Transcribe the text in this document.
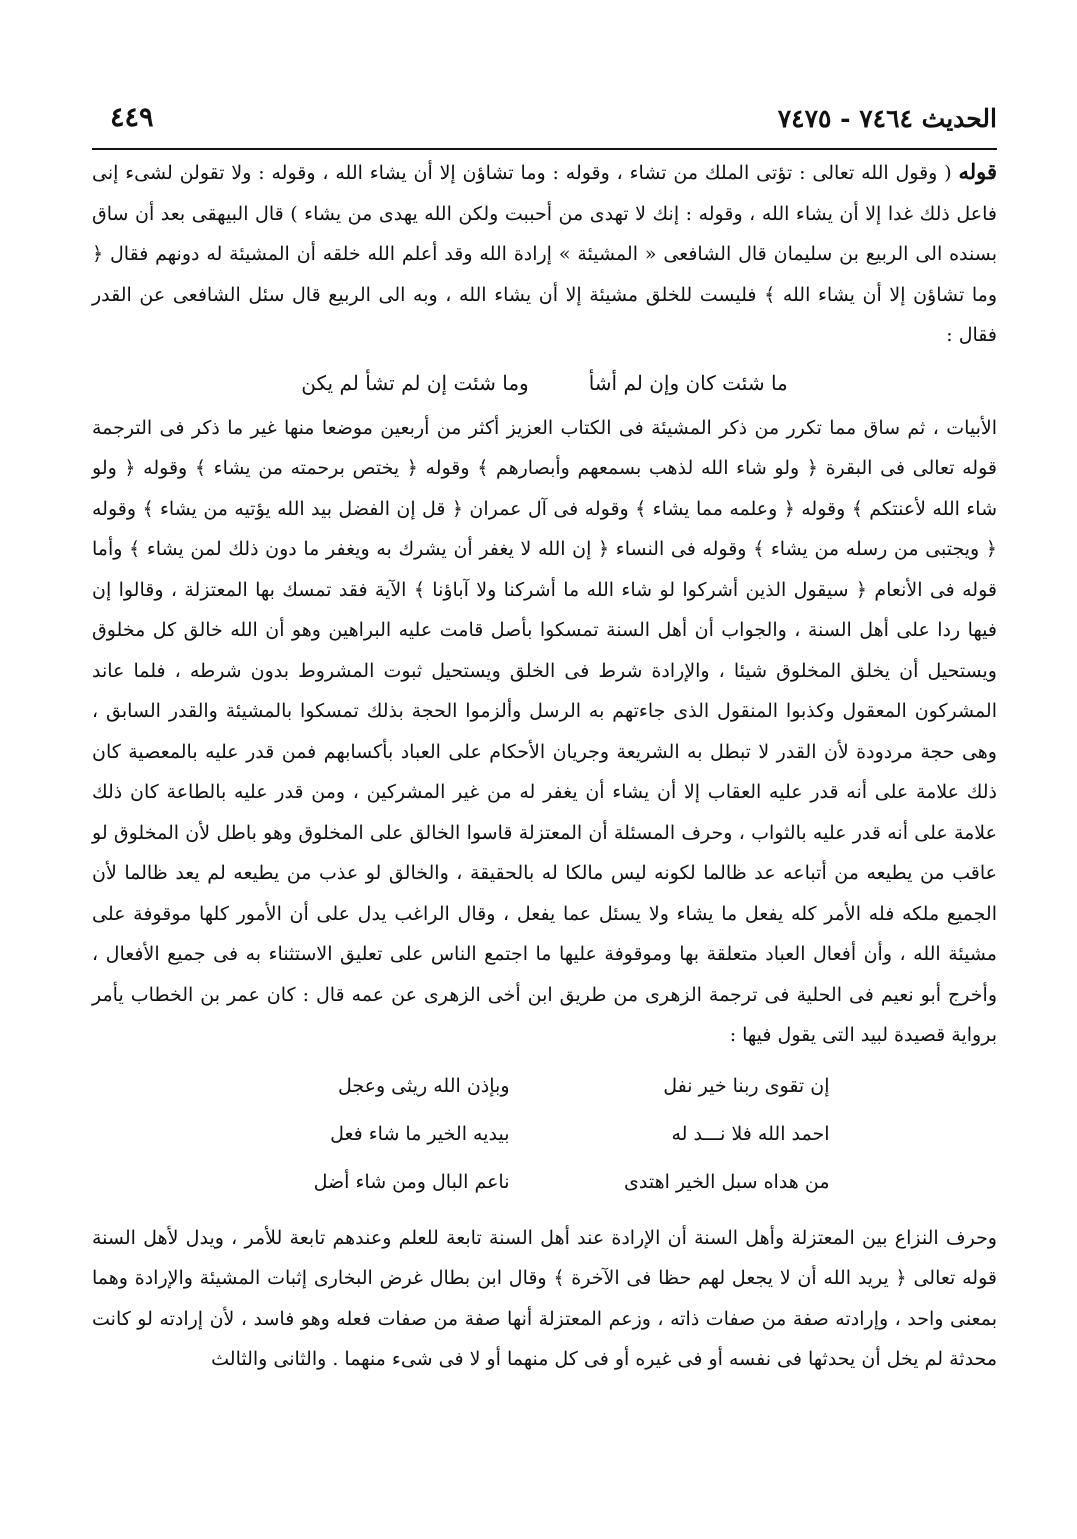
الحديث ٧٤٦٤ - ٧٤٧٥
٤٤٩

قوله ( وقول الله تعالى : تؤتى الملك من تشاء ، وقوله : وما تشاؤن إلا أن يشاء الله ، وقوله : ولا تقولن لشىء إنى فاعل ذلك غدا إلا أن يشاء الله ، وقوله : إنك لا تهدى من أحببت ولكن الله يهدى من يشاء ) قال البيهقى بعد أن ساق بسنده الى الربيع بن سليمان قال الشافعى « المشيئة » إرادة الله وقد أعلم الله خلقه أن المشيئة له دونهم فقال ﴿ وما تشاؤن إلا أن يشاء الله ﴾ فليست للخلق مشيئة إلا أن يشاء الله ، وبه الى الربيع قال سئل الشافعى عن القدر فقال :

ما شئت كان وإن لم أشأ
وما شئت إن لم تشأ لم يكن

الأبيات ، ثم ساق مما تكرر من ذكر المشيئة فى الكتاب العزيز أكثر من أربعين موضعا منها غير ما ذكر فى الترجمة قوله تعالى فى البقرة ﴿ ولو شاء الله لذهب بسمعهم وأبصارهم ﴾ وقوله ﴿ يختص برحمته من يشاء ﴾ وقوله ﴿ ولو شاء الله لأعنتكم ﴾ وقوله ﴿ وعلمه مما يشاء ﴾ وقوله فى آل عمران ﴿ قل إن الفضل بيد الله يؤتيه من يشاء ﴾ وقوله ﴿ ويجتبى من رسله من يشاء ﴾ وقوله فى النساء ﴿ إن الله لا يغفر أن يشرك به ويغفر ما دون ذلك لمن يشاء ﴾ وأما قوله فى الأنعام ﴿ سيقول الذين أشركوا لو شاء الله ما أشركنا ولا آباؤنا ﴾ الآية فقد تمسك بها المعتزلة ، وقالوا إن فيها ردا على أهل السنة ، والجواب أن أهل السنة تمسكوا بأصل قامت عليه البراهين وهو أن الله خالق كل مخلوق ويستحيل أن يخلق المخلوق شيئا ، والإرادة شرط فى الخلق ويستحيل ثبوت المشروط بدون شرطه ، فلما عاند المشركون المعقول وكذبوا المنقول الذى جاءتهم به الرسل وألزموا الحجة بذلك تمسكوا بالمشيئة والقدر السابق ، وهى حجة مردودة لأن القدر لا تبطل به الشريعة وجريان الأحكام على العباد بأكسابهم فمن قدر عليه بالمعصية كان ذلك علامة على أنه قدر عليه العقاب إلا أن يشاء أن يغفر له من غير المشركين ، ومن قدر عليه بالطاعة كان ذلك علامة على أنه قدر عليه بالثواب ، وحرف المسئلة أن المعتزلة قاسوا الخالق على المخلوق وهو باطل لأن المخلوق لو عاقب من يطيعه من أتباعه عد ظالما لكونه ليس مالكا له بالحقيقة ، والخالق لو عذب من يطيعه لم يعد ظالما لأن الجميع ملكه فله الأمر كله يفعل ما يشاء ولا يسئل عما يفعل ، وقال الراغب يدل على أن الأمور كلها موقوفة على مشيئة الله ، وأن أفعال العباد متعلقة بها وموقوفة عليها ما اجتمع الناس على تعليق الاستثناء به فى جميع الأفعال ، وأخرج أبو نعيم فى الحلية فى ترجمة الزهرى من طريق ابن أخى الزهرى عن عمه قال : كان عمر بن الخطاب يأمر برواية قصيدة لبيد التى يقول فيها :

إن تقوى ربنا خير نفل
وبإذن الله ريثى وعجل
احمد الله فلا نـــد له
بيديه الخير ما شاء فعل
من هداه سبل الخير اهتدى
ناعم البال ومن شاء أضل

وحرف النزاع بين المعتزلة وأهل السنة أن الإرادة عند أهل السنة تابعة للعلم وعندهم تابعة للأمر ، ويدل لأهل السنة قوله تعالى ﴿ يريد الله أن لا يجعل لهم حظا فى الآخرة ﴾ وقال ابن بطال غرض البخارى إثبات المشيئة والإرادة وهما بمعنى واحد ، وإرادته صفة من صفات ذاته ، وزعم المعتزلة أنها صفة من صفات فعله وهو فاسد ، لأن إرادته لو كانت محدثة لم يخل أن يحدثها فى نفسه أو فى غيره أو فى كل منهما أو لا فى شىء منهما . والثانى والثالث
